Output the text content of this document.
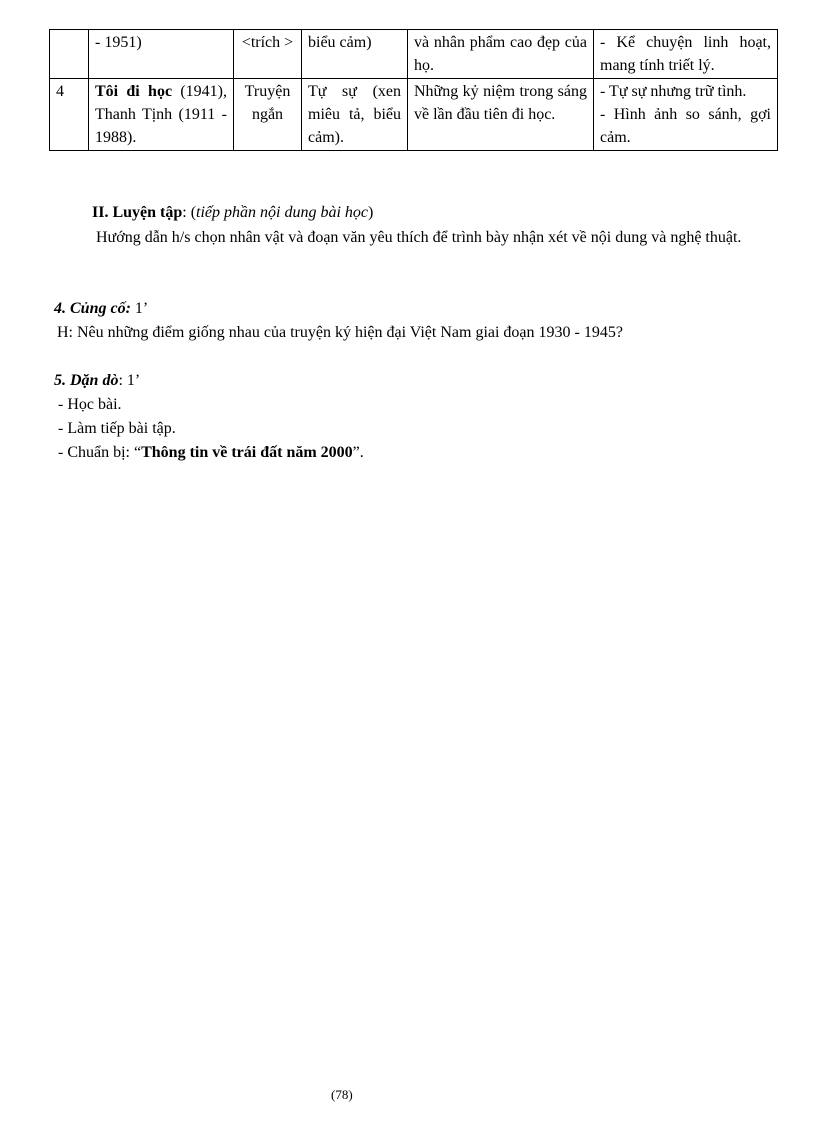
	- 1951)	<trích >	biểu cảm)	và nhân phẩm cao đẹp của họ.	- Kể chuyện linh hoạt, mang tính triết lý.
4	Tôi đi học (1941), Thanh Tịnh (1911 - 1988).	Truyện ngắn	Tự sự (xen miêu tả, biểu cảm).	Những kỷ niệm trong sáng về lần đầu tiên đi học.	- Tự sự nhưng trữ tình.
- Hình ảnh so sánh, gợi cảm.
II. Luyện tập: (tiếp phần nội dung bài học)
Hướng dẫn h/s chọn nhân vật và đoạn văn yêu thích để trình bày nhận xét về nội dung và nghệ thuật.
4. Củng cố: 1’
H: Nêu những điểm giống nhau của truyện ký hiện đại Việt Nam giai đoạn 1930 - 1945?
5. Dặn dò: 1’
- Học bài.
- Làm tiếp bài tập.
- Chuẩn bị: “Thông tin về trái đất năm 2000”.
(78)
